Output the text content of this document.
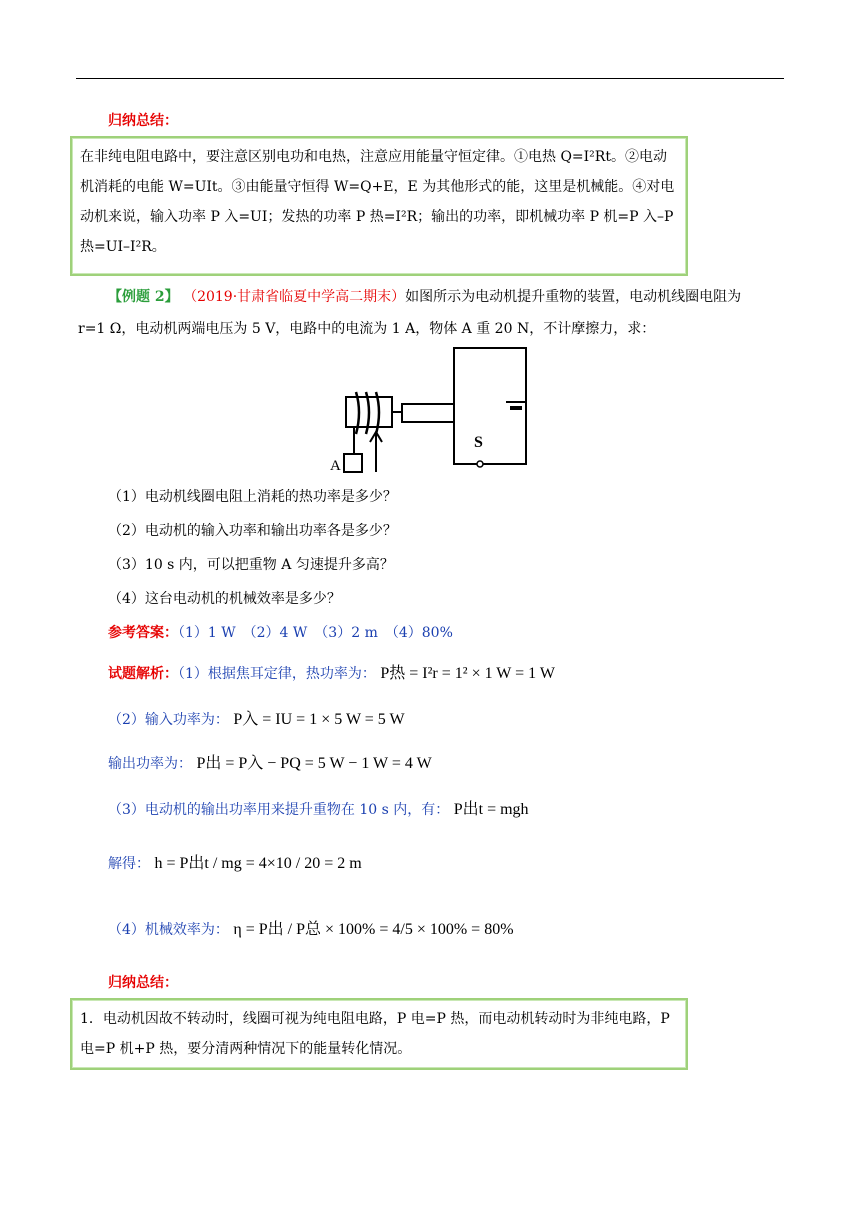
归纳总结：
在非纯电阻电路中，要注意区别电功和电热，注意应用能量守恒定律。①电热 Q=I²Rt。②电动机消耗的电能 W=UIt。③由能量守恒得 W=Q+E，E 为其他形式的能，这里是机械能。④对电动机来说，输入功率 P 入=UI；发热的功率 P 热=I²R；输出的功率，即机械功率 P 机=P 入–P 热=UI–I²R。
【例题 2】 （2019·甘肃省临夏中学高二期末）如图所示为电动机提升重物的装置，电动机线圈电阻为
r=1 Ω，电动机两端电压为 5 V，电路中的电流为 1 A，物体 A 重 20 N，不计摩擦力，求：
A
S
（1）电动机线圈电阻上消耗的热功率是多少？
（2）电动机的输入功率和输出功率各是多少？
（3）10 s 内，可以把重物 A 匀速提升多高？
（4）这台电动机的机械效率是多少？
参考答案：（1）1 W　（2）4 W　（3）2 m　（4）80%
试题解析：（1）根据焦耳定律，热功率为： P热 = I²r = 1² × 1 W = 1 W
（2）输入功率为： P入 = IU = 1 × 5 W = 5 W
输出功率为： P出 = P入 − PQ = 5 W − 1 W = 4 W
（3）电动机的输出功率用来提升重物在 10 s 内，有： P出t = mgh
解得： h = P出t / mg = 4×10 / 20 = 2 m
（4）机械效率为： η = P出 / P总 × 100% = 4/5 × 100% = 80%
归纳总结：
1．电动机因故不转动时，线圈可视为纯电阻电路，P 电=P 热，而电动机转动时为非纯电路，P 电=P 机+P 热，要分清两种情况下的能量转化情况。
